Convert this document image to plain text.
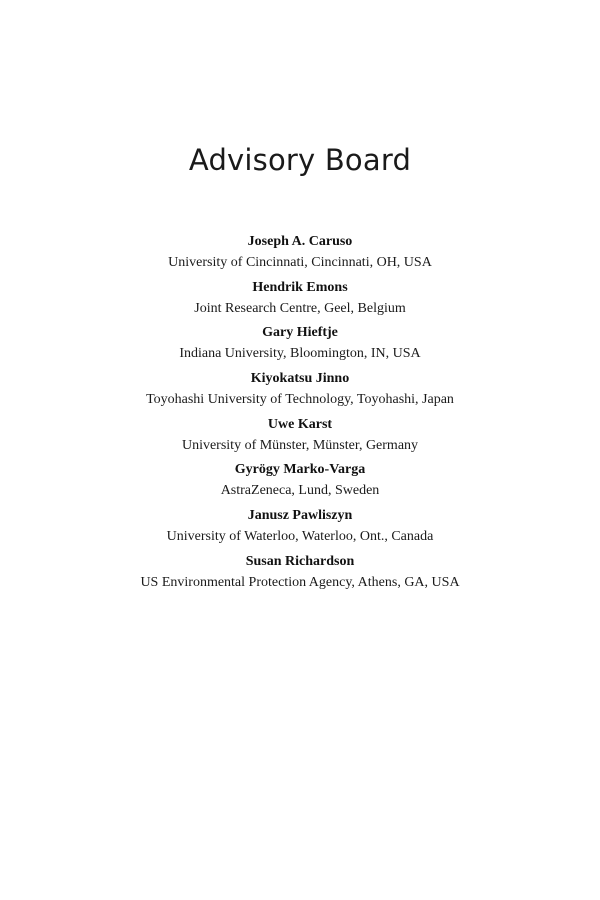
Advisory Board
Joseph A. Caruso
University of Cincinnati, Cincinnati, OH, USA
Hendrik Emons
Joint Research Centre, Geel, Belgium
Gary Hieftje
Indiana University, Bloomington, IN, USA
Kiyokatsu Jinno
Toyohashi University of Technology, Toyohashi, Japan
Uwe Karst
University of Münster, Münster, Germany
Gyrögy Marko-Varga
AstraZeneca, Lund, Sweden
Janusz Pawliszyn
University of Waterloo, Waterloo, Ont., Canada
Susan Richardson
US Environmental Protection Agency, Athens, GA, USA
